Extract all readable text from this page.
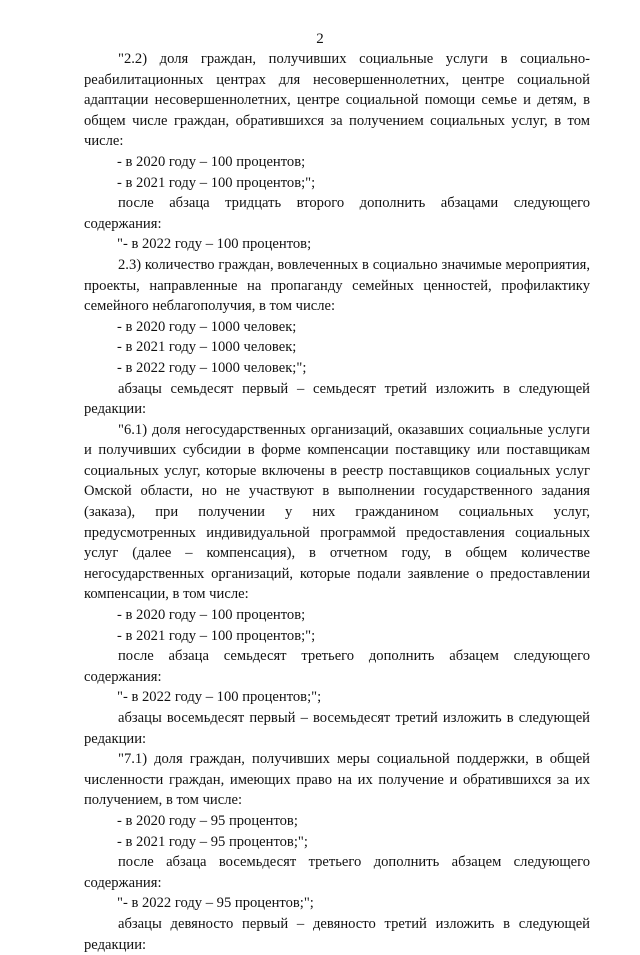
2

"2.2) доля граждан, получивших социальные услуги в социально-реабилитационных центрах для несовершеннолетних, центре социальной адаптации несовершеннолетних, центре социальной помощи семье и детям, в общем числе граждан, обратившихся за получением социальных услуг, в том числе:

- в 2020 году – 100 процентов;

- в 2021 году – 100 процентов;";

после абзаца тридцать второго дополнить абзацами следующего содержания:

"- в 2022 году – 100 процентов;

2.3) количество граждан, вовлеченных в социально значимые мероприятия, проекты, направленные на пропаганду семейных ценностей, профилактику семейного неблагополучия, в том числе:

- в 2020 году – 1000 человек;

- в 2021 году – 1000 человек;

- в 2022 году – 1000 человек;";

абзацы семьдесят первый – семьдесят третий изложить в следующей редакции:

"6.1) доля негосударственных организаций, оказавших социальные услуги и получивших субсидии в форме компенсации поставщику или поставщикам социальных услуг, которые включены в реестр поставщиков социальных услуг Омской области, но не участвуют в выполнении государственного задания (заказа), при получении у них гражданином социальных услуг, предусмотренных индивидуальной программой предоставления социальных услуг (далее – компенсация), в отчетном году, в общем количестве негосударственных организаций, которые подали заявление о предоставлении компенсации, в том числе:

- в 2020 году – 100 процентов;

- в 2021 году – 100 процентов;";

после абзаца семьдесят третьего дополнить абзацем следующего содержания:

"- в 2022 году – 100 процентов;";

абзацы восемьдесят первый – восемьдесят третий изложить в следующей редакции:

"7.1) доля граждан, получивших меры социальной поддержки, в общей численности граждан, имеющих право на их получение и обратившихся за их получением, в том числе:

- в 2020 году – 95 процентов;

- в 2021 году – 95 процентов;";

после абзаца восемьдесят третьего дополнить абзацем следующего содержания:

"- в 2022 году – 95 процентов;";

абзацы девяносто первый – девяносто третий изложить в следующей редакции:
